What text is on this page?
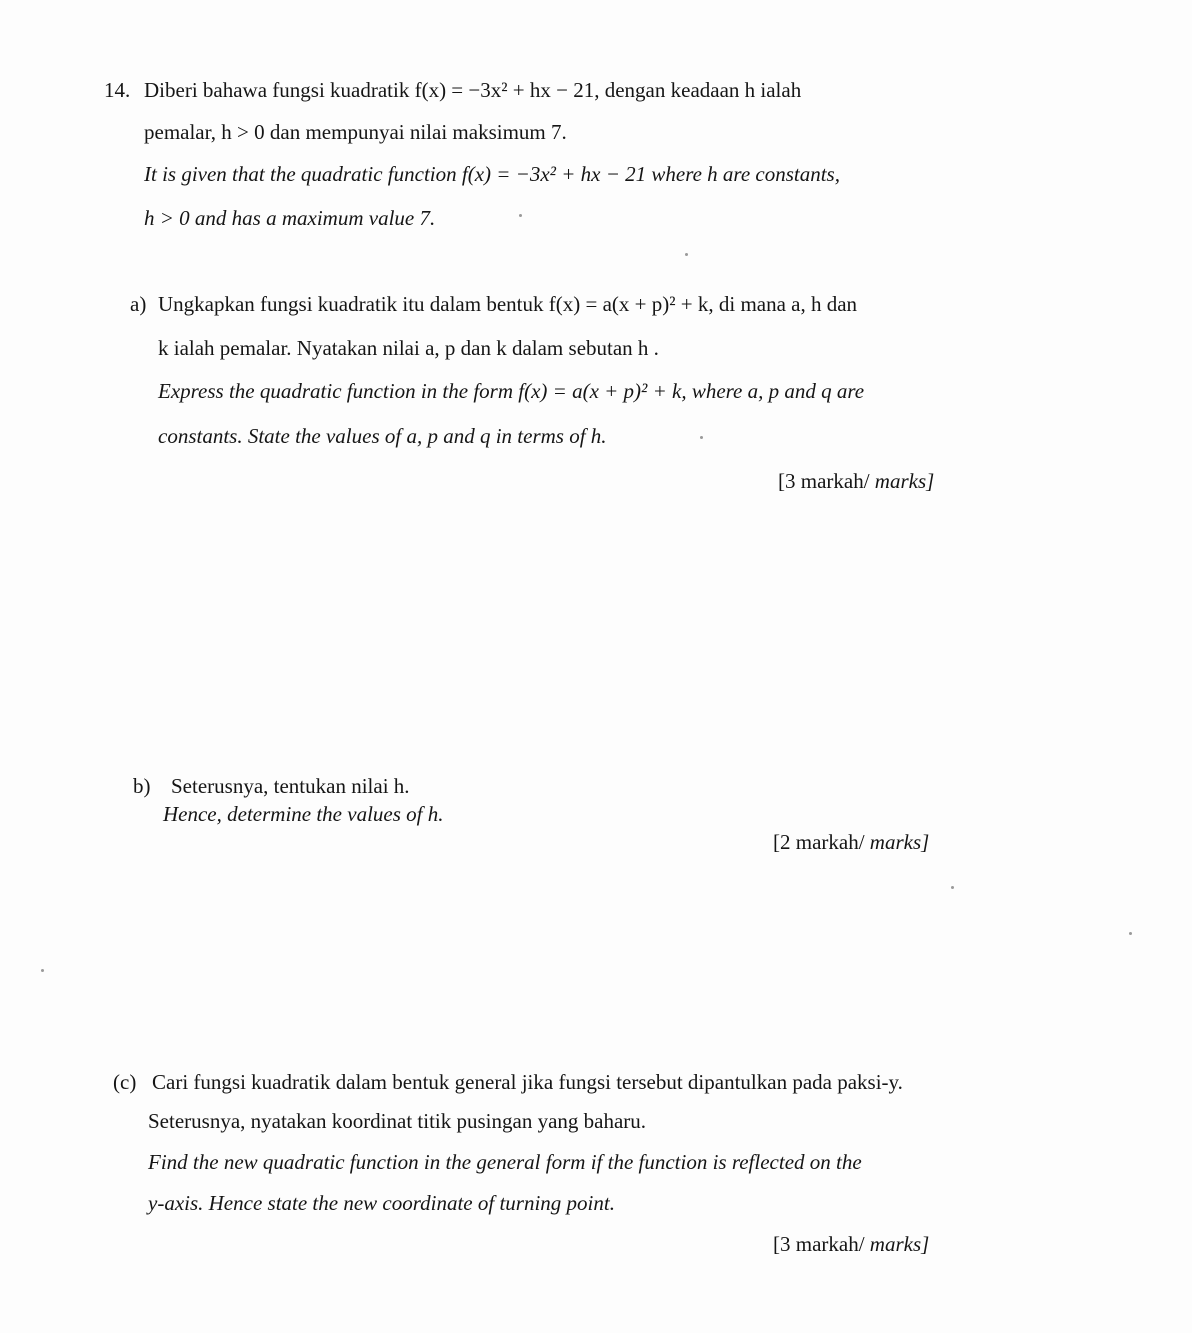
14. Diberi bahawa fungsi kuadratik f(x) = −3x² + hx − 21, dengan keadaan h ialah
pemalar, h > 0 dan mempunyai nilai maksimum 7.
It is given that the quadratic function f(x) = −3x² + hx − 21 where h are constants,
h > 0 and has a maximum value 7.
a) Ungkapkan fungsi kuadratik itu dalam bentuk f(x) = a(x + p)² + k, di mana a, h dan
k ialah pemalar. Nyatakan nilai a, p dan k dalam sebutan h .
Express the quadratic function in the form f(x) = a(x + p)² + k, where a, p and q are
constants. State the values of a, p and q in terms of h.
[3 markah/ marks]
b) Seterusnya, tentukan nilai h.
Hence, determine the values of h.
[2 markah/ marks]
(c) Cari fungsi kuadratik dalam bentuk general jika fungsi tersebut dipantulkan pada paksi-y.
Seterusnya, nyatakan koordinat titik pusingan yang baharu.
Find the new quadratic function in the general form if the function is reflected on the
y-axis. Hence state the new coordinate of turning point.
[3 markah/ marks]
